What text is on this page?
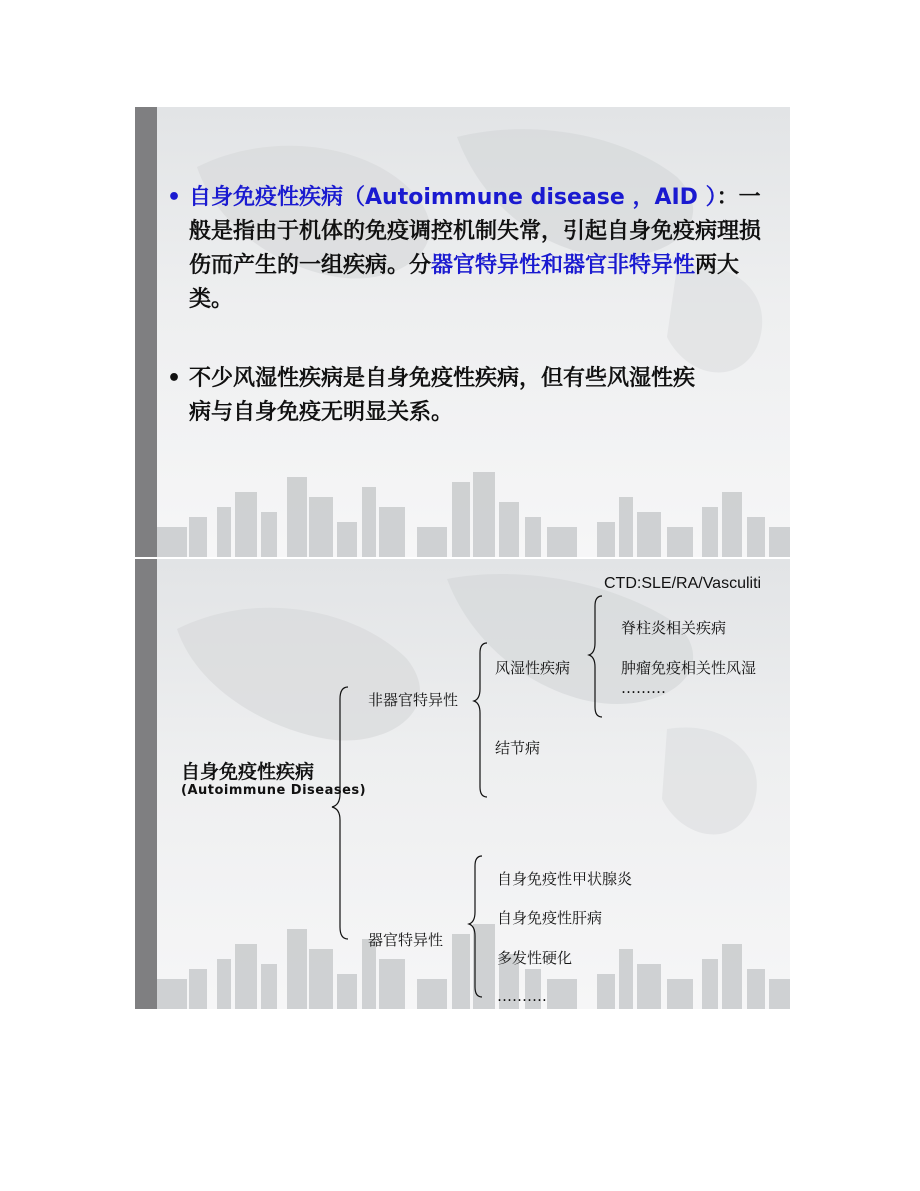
• 自身免疫性疾病（Autoimmune disease ，AID ）：一般是指由于机体的免疫调控机制失常，引起自身免疫病理损伤而产生的一组疾病。分器官特异性和器官非特异性两大类。
• 不少风湿性疾病是自身免疫性疾病，但有些风湿性疾病与自身免疫无明显关系。
自身免疫性疾病
(Autoimmune Diseases)
非器官特异性
风湿性疾病
结节病
CTD:SLE/RA/Vasculiti
脊柱炎相关疾病
肿瘤免疫相关性风湿
………
器官特异性
自身免疫性甲状腺炎
自身免疫性肝病
多发性硬化
……….
